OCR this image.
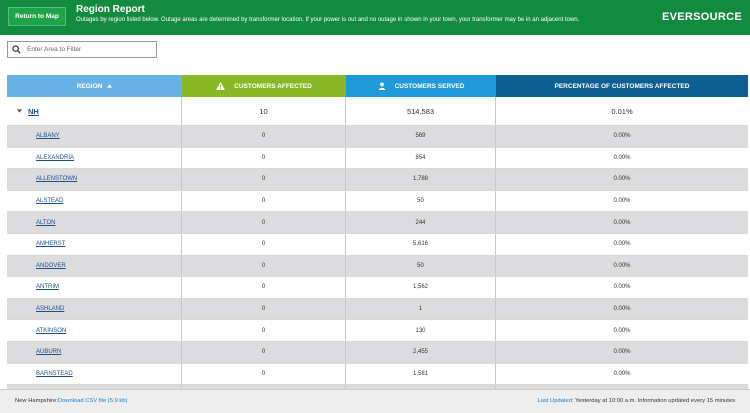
Return to Map
Region Report
Outages by region listed below. Outage areas are determined by transformer location. If your power is out and no outage in shown in your town, your transformer may be in an adjacent town.	EVERSOURCE
Enter Area to Filter
REGION	CUSTOMERS AFFECTED	CUSTOMERS SERVED	PERCENTAGE OF CUSTOMERS AFFECTED
NH	10	514,583	0.01%
ALBANY	0	569	0.00%
ALEXANDRIA	0	854	0.00%
ALLENSTOWN	0	1,788	0.00%
ALSTEAD	0	50	0.00%
ALTON	0	244	0.00%
AMHERST	0	5,616	0.00%
ANDOVER	0	50	0.00%
ANTRIM	0	1,562	0.00%
ASHLAND	0	1	0.00%
ATKINSON	0	130	0.00%
AUBURN	0	2,455	0.00%
BARNSTEAD	0	1,581	0.00%
New Hampshire:Download CSV file (5.9 kb)	Last Updated: Yesterday at 10:00 a.m. Information updated every 15 minutes
